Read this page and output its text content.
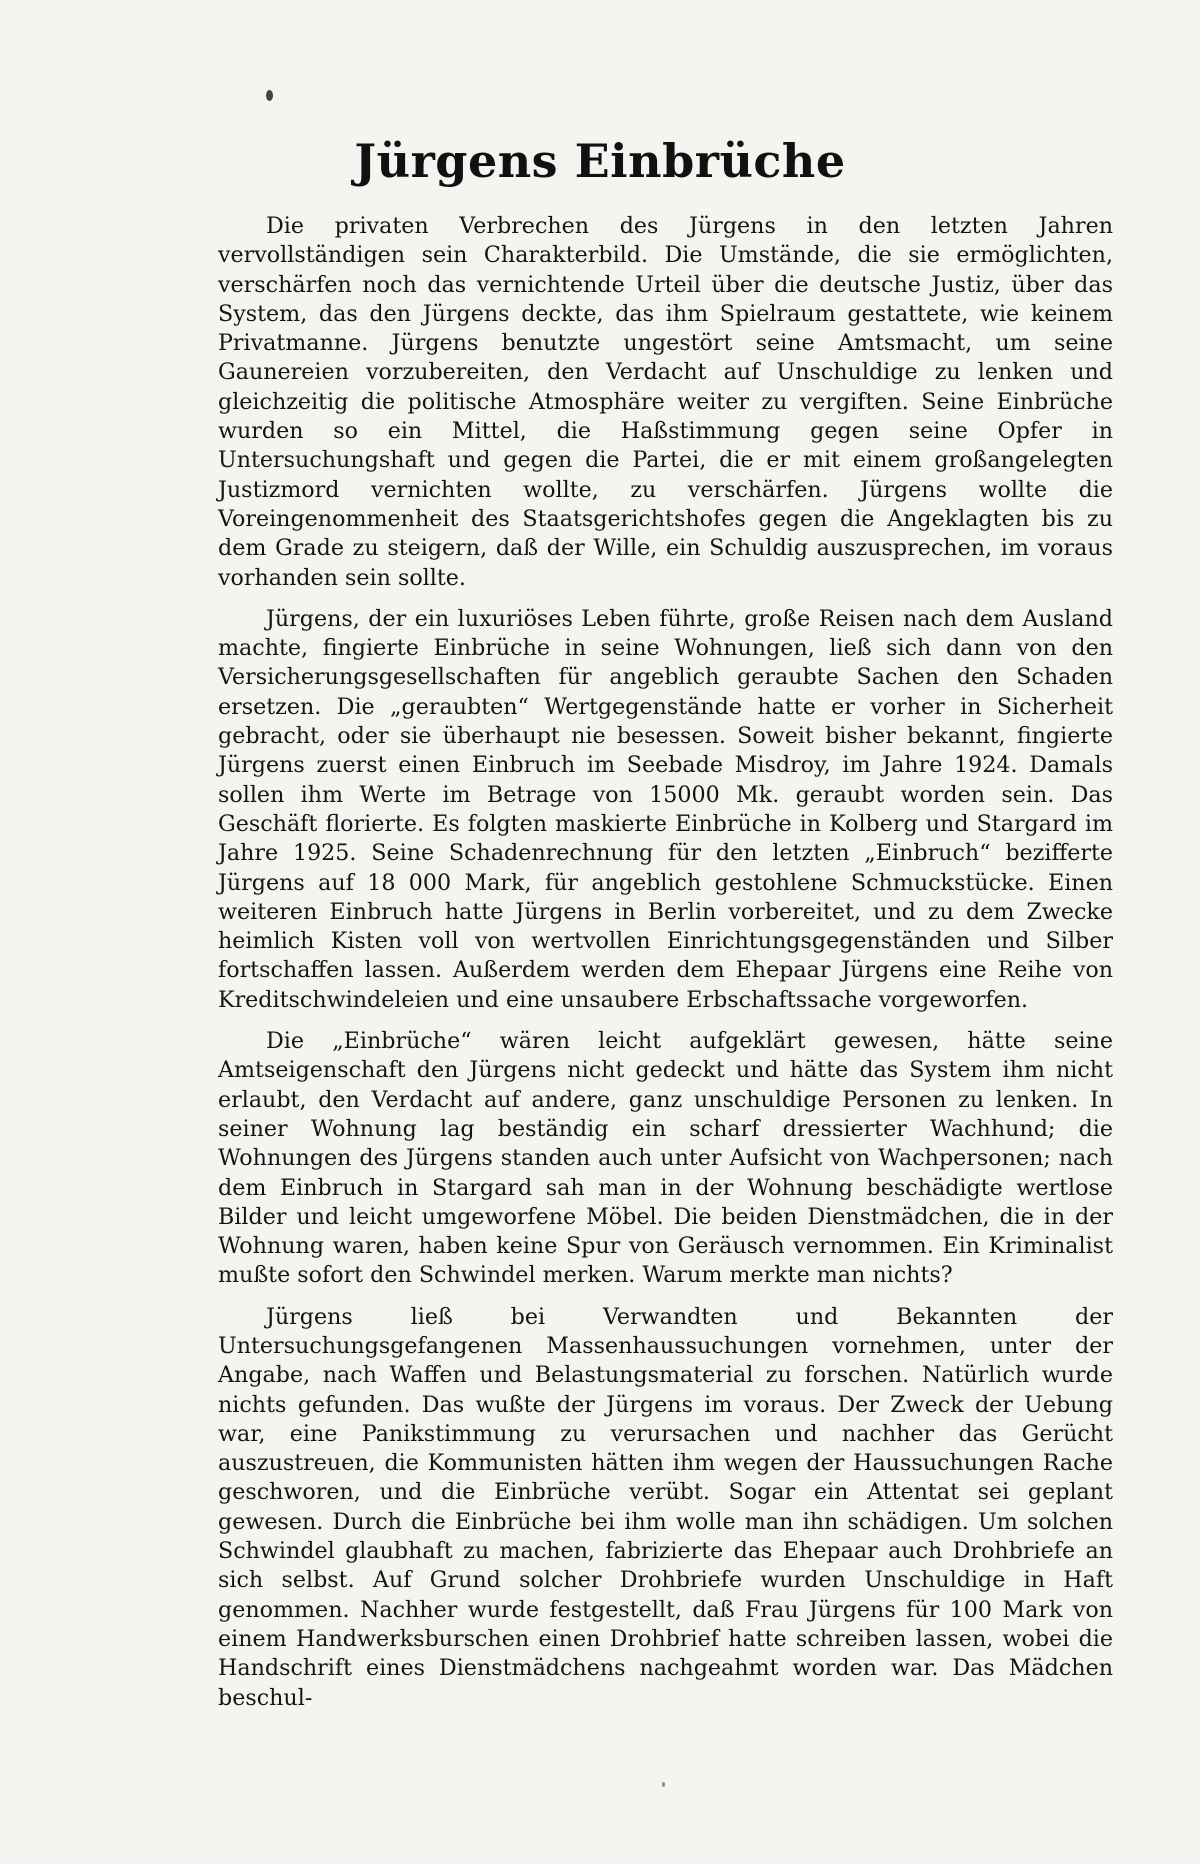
Jürgens Einbrüche

Die privaten Verbrechen des Jürgens in den letzten Jahren vervollständigen sein Charakterbild. Die Umstände, die sie ermöglichten, verschärfen noch das vernichtende Urteil über die deutsche Justiz, über das System, das den Jürgens deckte, das ihm Spielraum gestattete, wie keinem Privatmanne. Jürgens benutzte ungestört seine Amtsmacht, um seine Gaunereien vorzubereiten, den Verdacht auf Unschuldige zu lenken und gleichzeitig die politische Atmosphäre weiter zu vergiften. Seine Einbrüche wurden so ein Mittel, die Haßstimmung gegen seine Opfer in Untersuchungshaft und gegen die Partei, die er mit einem großangelegten Justizmord vernichten wollte, zu verschärfen. Jürgens wollte die Voreingenommenheit des Staatsgerichtshofes gegen die Angeklagten bis zu dem Grade zu steigern, daß der Wille, ein Schuldig auszusprechen, im voraus vorhanden sein sollte.

Jürgens, der ein luxuriöses Leben führte, große Reisen nach dem Ausland machte, fingierte Einbrüche in seine Wohnungen, ließ sich dann von den Versicherungsgesellschaften für angeblich geraubte Sachen den Schaden ersetzen. Die „geraubten“ Wertgegenstände hatte er vorher in Sicherheit gebracht, oder sie überhaupt nie besessen. Soweit bisher bekannt, fingierte Jürgens zuerst einen Einbruch im Seebade Misdroy, im Jahre 1924. Damals sollen ihm Werte im Betrage von 15000 Mk. geraubt worden sein. Das Geschäft florierte. Es folgten maskierte Einbrüche in Kolberg und Stargard im Jahre 1925. Seine Schadenrechnung für den letzten „Einbruch“ bezifferte Jürgens auf 18 000 Mark, für angeblich gestohlene Schmuckstücke. Einen weiteren Einbruch hatte Jürgens in Berlin vorbereitet, und zu dem Zwecke heimlich Kisten voll von wertvollen Einrichtungsgegenständen und Silber fortschaffen lassen. Außerdem werden dem Ehepaar Jürgens eine Reihe von Kreditschwindeleien und eine unsaubere Erbschaftssache vorgeworfen.

Die „Einbrüche“ wären leicht aufgeklärt gewesen, hätte seine Amtseigenschaft den Jürgens nicht gedeckt und hätte das System ihm nicht erlaubt, den Verdacht auf andere, ganz unschuldige Personen zu lenken. In seiner Wohnung lag beständig ein scharf dressierter Wachhund; die Wohnungen des Jürgens standen auch unter Aufsicht von Wachpersonen; nach dem Einbruch in Stargard sah man in der Wohnung beschädigte wertlose Bilder und leicht umgeworfene Möbel. Die beiden Dienstmädchen, die in der Wohnung waren, haben keine Spur von Geräusch vernommen. Ein Kriminalist mußte sofort den Schwindel merken. Warum merkte man nichts?

Jürgens ließ bei Verwandten und Bekannten der Untersuchungsgefangenen Massenhaussuchungen vornehmen, unter der Angabe, nach Waffen und Belastungsmaterial zu forschen. Natürlich wurde nichts gefunden. Das wußte der Jürgens im voraus. Der Zweck der Uebung war, eine Panikstimmung zu verursachen und nachher das Gerücht auszustreuen, die Kommunisten hätten ihm wegen der Haussuchungen Rache geschworen, und die Einbrüche verübt. Sogar ein Attentat sei geplant gewesen. Durch die Einbrüche bei ihm wolle man ihn schädigen. Um solchen Schwindel glaubhaft zu machen, fabrizierte das Ehepaar auch Drohbriefe an sich selbst. Auf Grund solcher Drohbriefe wurden Unschuldige in Haft genommen. Nachher wurde festgestellt, daß Frau Jürgens für 100 Mark von einem Handwerksburschen einen Drohbrief hatte schreiben lassen, wobei die Handschrift eines Dienstmädchens nachgeahmt worden war. Das Mädchen beschul-
